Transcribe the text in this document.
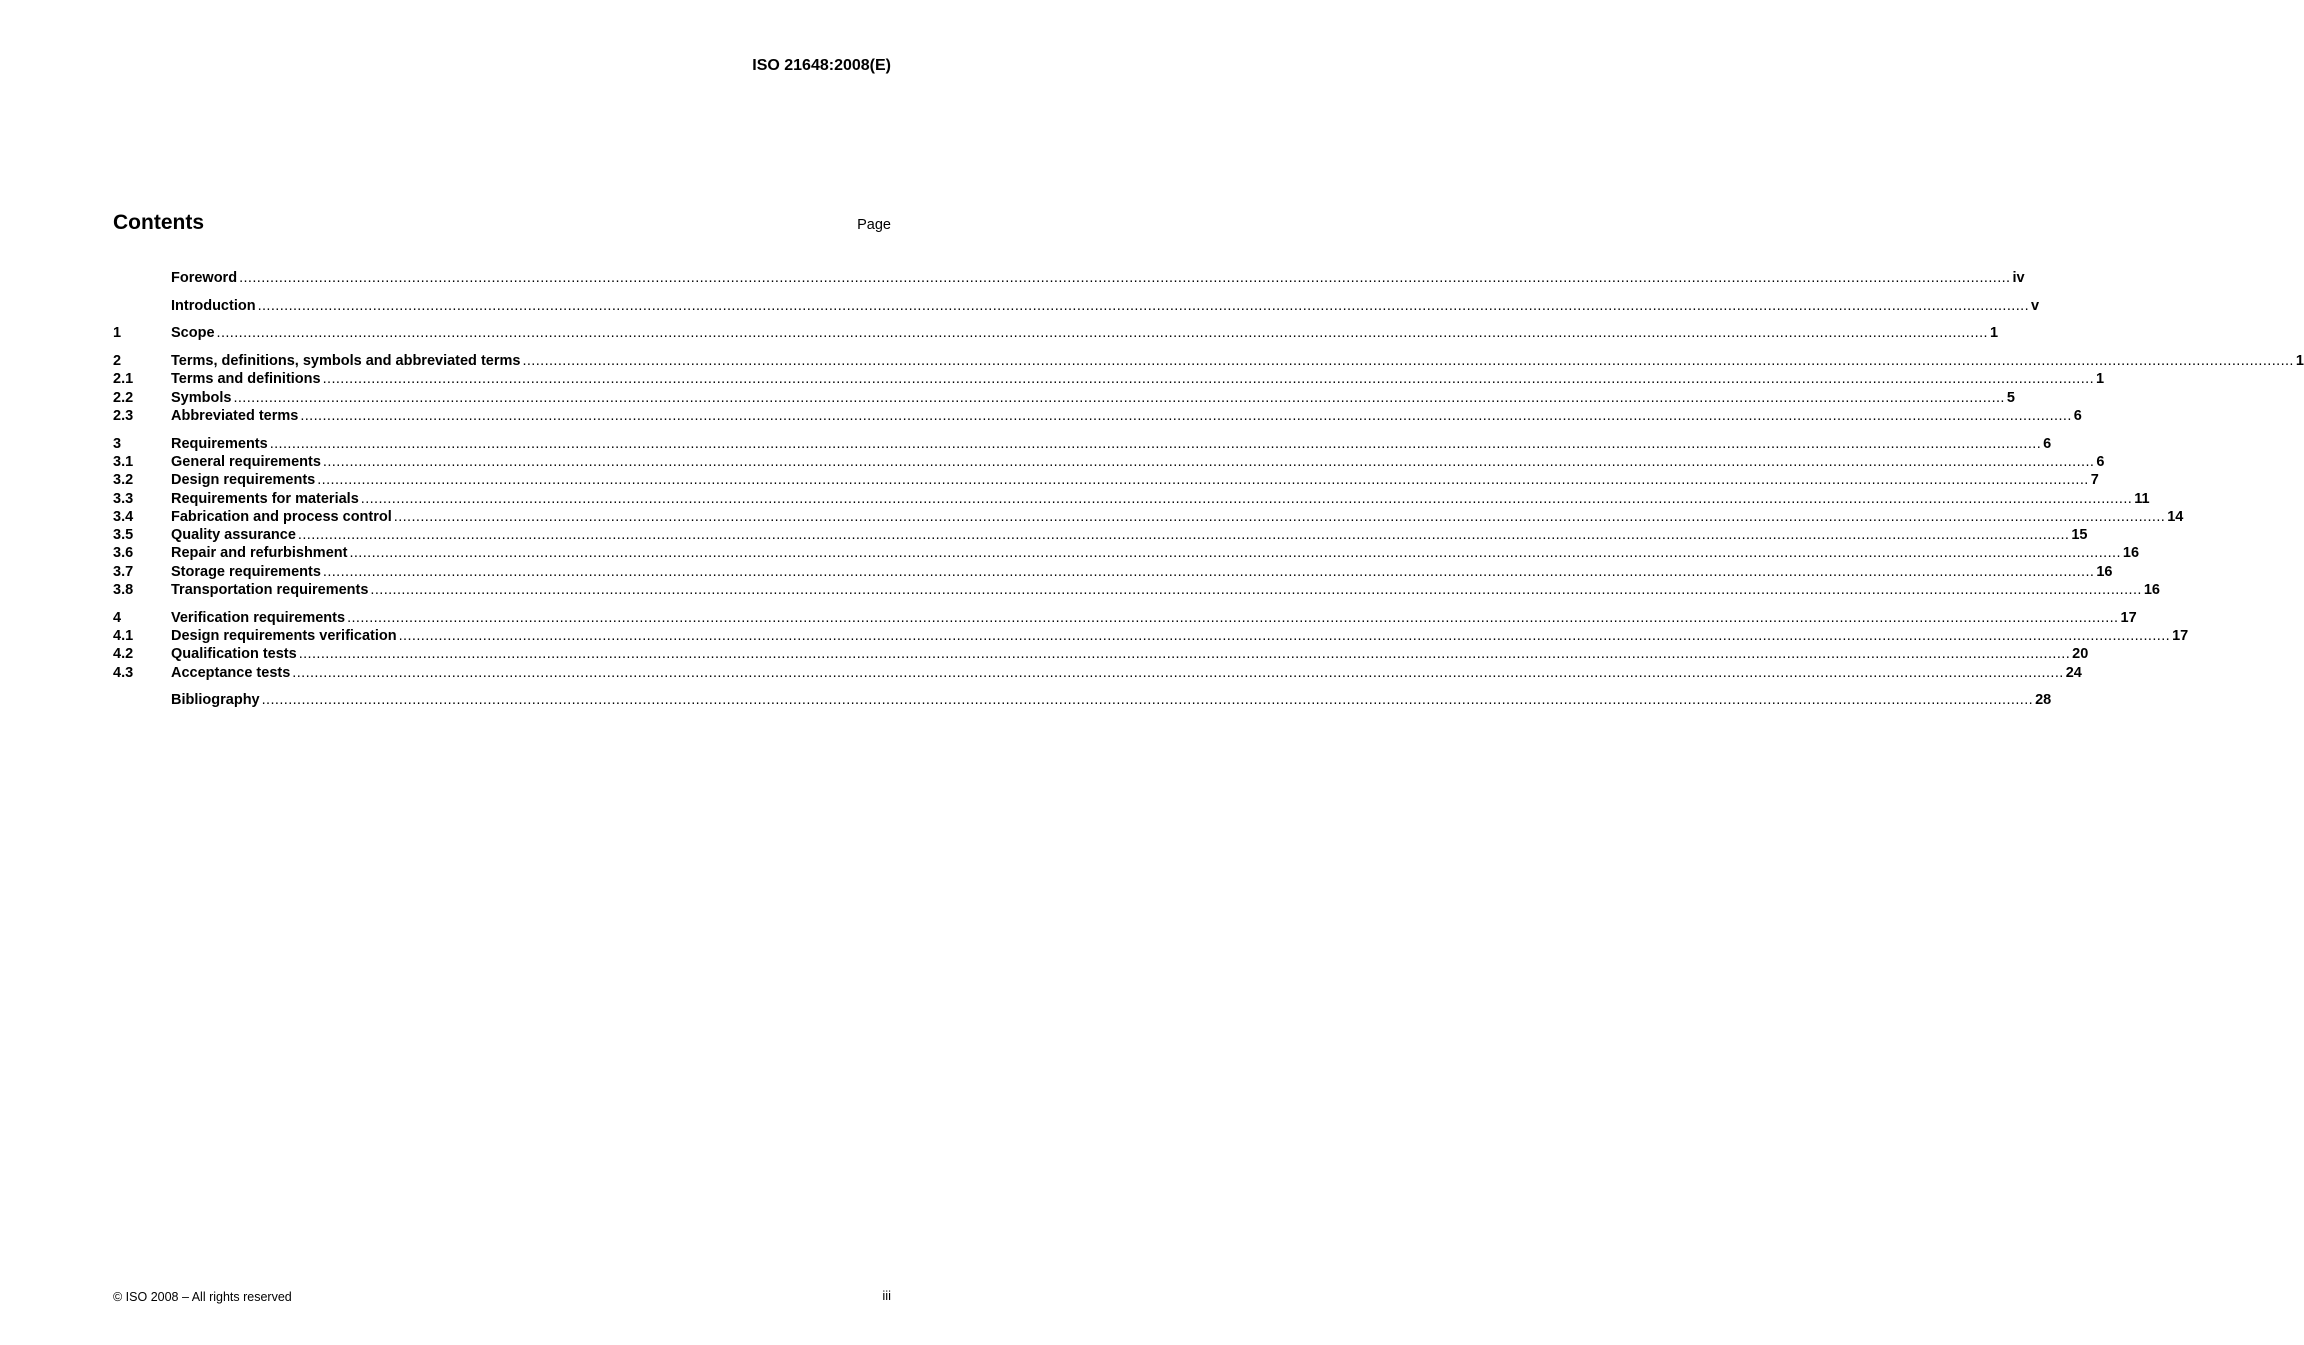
ISO 21648:2008(E)
Contents	Page
Foreword ................................................................................................................................................................................................................................................................................................................................................................................................................ iv
Introduction ................................................................................................................................................................................................................................................................................................................................................................................................................ v
1	Scope ................................................................................................................................................................................................................................................................................................................................................................................................................ 1
2	Terms, definitions, symbols and abbreviated terms ................................................................................................................................................................................................................................................................................................................................................................................................................ 1
2.1	Terms and definitions ................................................................................................................................................................................................................................................................................................................................................................................................................ 1
2.2	Symbols ................................................................................................................................................................................................................................................................................................................................................................................................................ 5
2.3	Abbreviated terms ................................................................................................................................................................................................................................................................................................................................................................................................................ 6
3	Requirements ................................................................................................................................................................................................................................................................................................................................................................................................................ 6
3.1	General requirements ................................................................................................................................................................................................................................................................................................................................................................................................................ 6
3.2	Design requirements ................................................................................................................................................................................................................................................................................................................................................................................................................ 7
3.3	Requirements for materials ................................................................................................................................................................................................................................................................................................................................................................................................................ 11
3.4	Fabrication and process control ................................................................................................................................................................................................................................................................................................................................................................................................................ 14
3.5	Quality assurance ................................................................................................................................................................................................................................................................................................................................................................................................................ 15
3.6	Repair and refurbishment ................................................................................................................................................................................................................................................................................................................................................................................................................ 16
3.7	Storage requirements ................................................................................................................................................................................................................................................................................................................................................................................................................ 16
3.8	Transportation requirements ................................................................................................................................................................................................................................................................................................................................................................................................................ 16
4	Verification requirements ................................................................................................................................................................................................................................................................................................................................................................................................................ 17
4.1	Design requirements verification ................................................................................................................................................................................................................................................................................................................................................................................................................ 17
4.2	Qualification tests ................................................................................................................................................................................................................................................................................................................................................................................................................ 20
4.3	Acceptance tests ................................................................................................................................................................................................................................................................................................................................................................................................................ 24
Bibliography ................................................................................................................................................................................................................................................................................................................................................................................................................ 28
© ISO 2008 – All rights reserved	iii
